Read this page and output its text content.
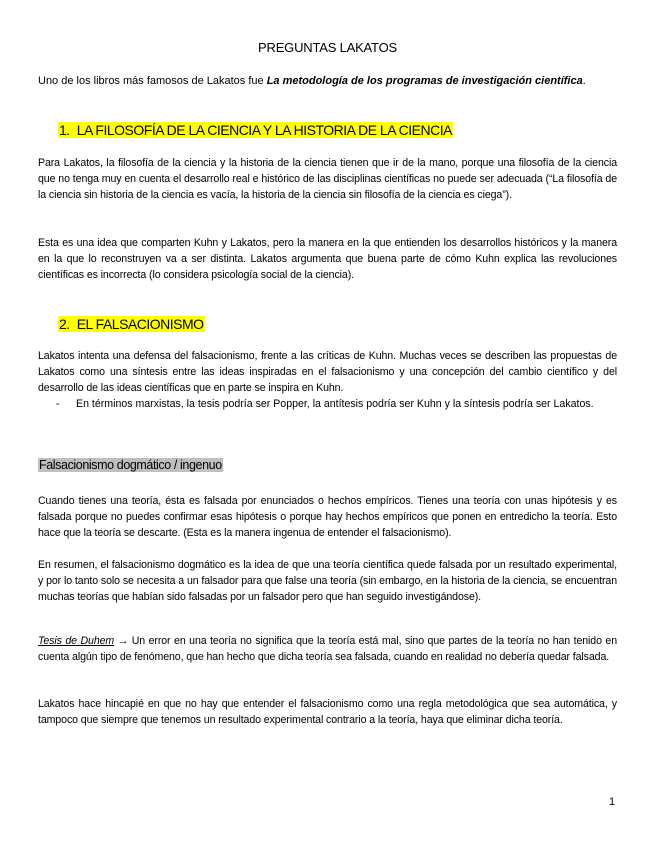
PREGUNTAS LAKATOS
Uno de los libros más famosos de Lakatos fue La metodología de los programas de investigación científica.
1. LA FILOSOFÍA DE LA CIENCIA Y LA HISTORIA DE LA CIENCIA

Para Lakatos, la filosofía de la ciencia y la historia de la ciencia tienen que ir de la mano, porque una filosofía de la ciencia que no tenga muy en cuenta el desarrollo real e histórico de las disciplinas científicas no puede ser adecuada (“La filosofía de la ciencia sin historia de la ciencia es vacía, la historia de la ciencia sin filosofía de la ciencia es ciega”).

Esta es una idea que comparten Kuhn y Lakatos, pero la manera en la que entienden los desarrollos históricos y la manera en la que lo reconstruyen va a ser distinta. Lakatos argumenta que buena parte de cómo Kuhn explica las revoluciones científicas es incorrecta (lo considera psicología social de la ciencia).

2. EL FALSACIONISMO

Lakatos intenta una defensa del falsacionismo, frente a las críticas de Kuhn. Muchas veces se describen las propuestas de Lakatos como una síntesis entre las ideas inspiradas en el falsacionismo y una concepción del cambio científico y del desarrollo de las ideas científicas que en parte se inspira en Kuhn.

- En términos marxistas, la tesis podría ser Popper, la antítesis podría ser Kuhn y la síntesis podría ser Lakatos.
Falsacionismo dogmático / ingenuo

Cuando tienes una teoría, ésta es falsada por enunciados o hechos empíricos. Tienes una teoría con unas hipótesis y es falsada porque no puedes confirmar esas hipótesis o porque hay hechos empíricos que ponen en entredicho la teoría. Esto hace que la teoría se descarte. (Esta es la manera ingenua de entender el falsacionismo).

En resumen, el falsacionismo dogmático es la idea de que una teoría científica quede falsada por un resultado experimental, y por lo tanto solo se necesita a un falsador para que false una teoría (sin embargo, en la historia de la ciencia, se encuentran muchas teorías que habían sido falsadas por un falsador pero que han seguido investigándose).

Tesis de Duhem → Un error en una teoría no significa que la teoría está mal, sino que partes de la teoría no han tenido en cuenta algún tipo de fenómeno, que han hecho que dicha teoría sea falsada, cuando en realidad no debería quedar falsada.

Lakatos hace hincapié en que no hay que entender el falsacionismo como una regla metodológica que sea automática, y tampoco que siempre que tenemos un resultado experimental contrario a la teoría, haya que eliminar dicha teoría.

1
